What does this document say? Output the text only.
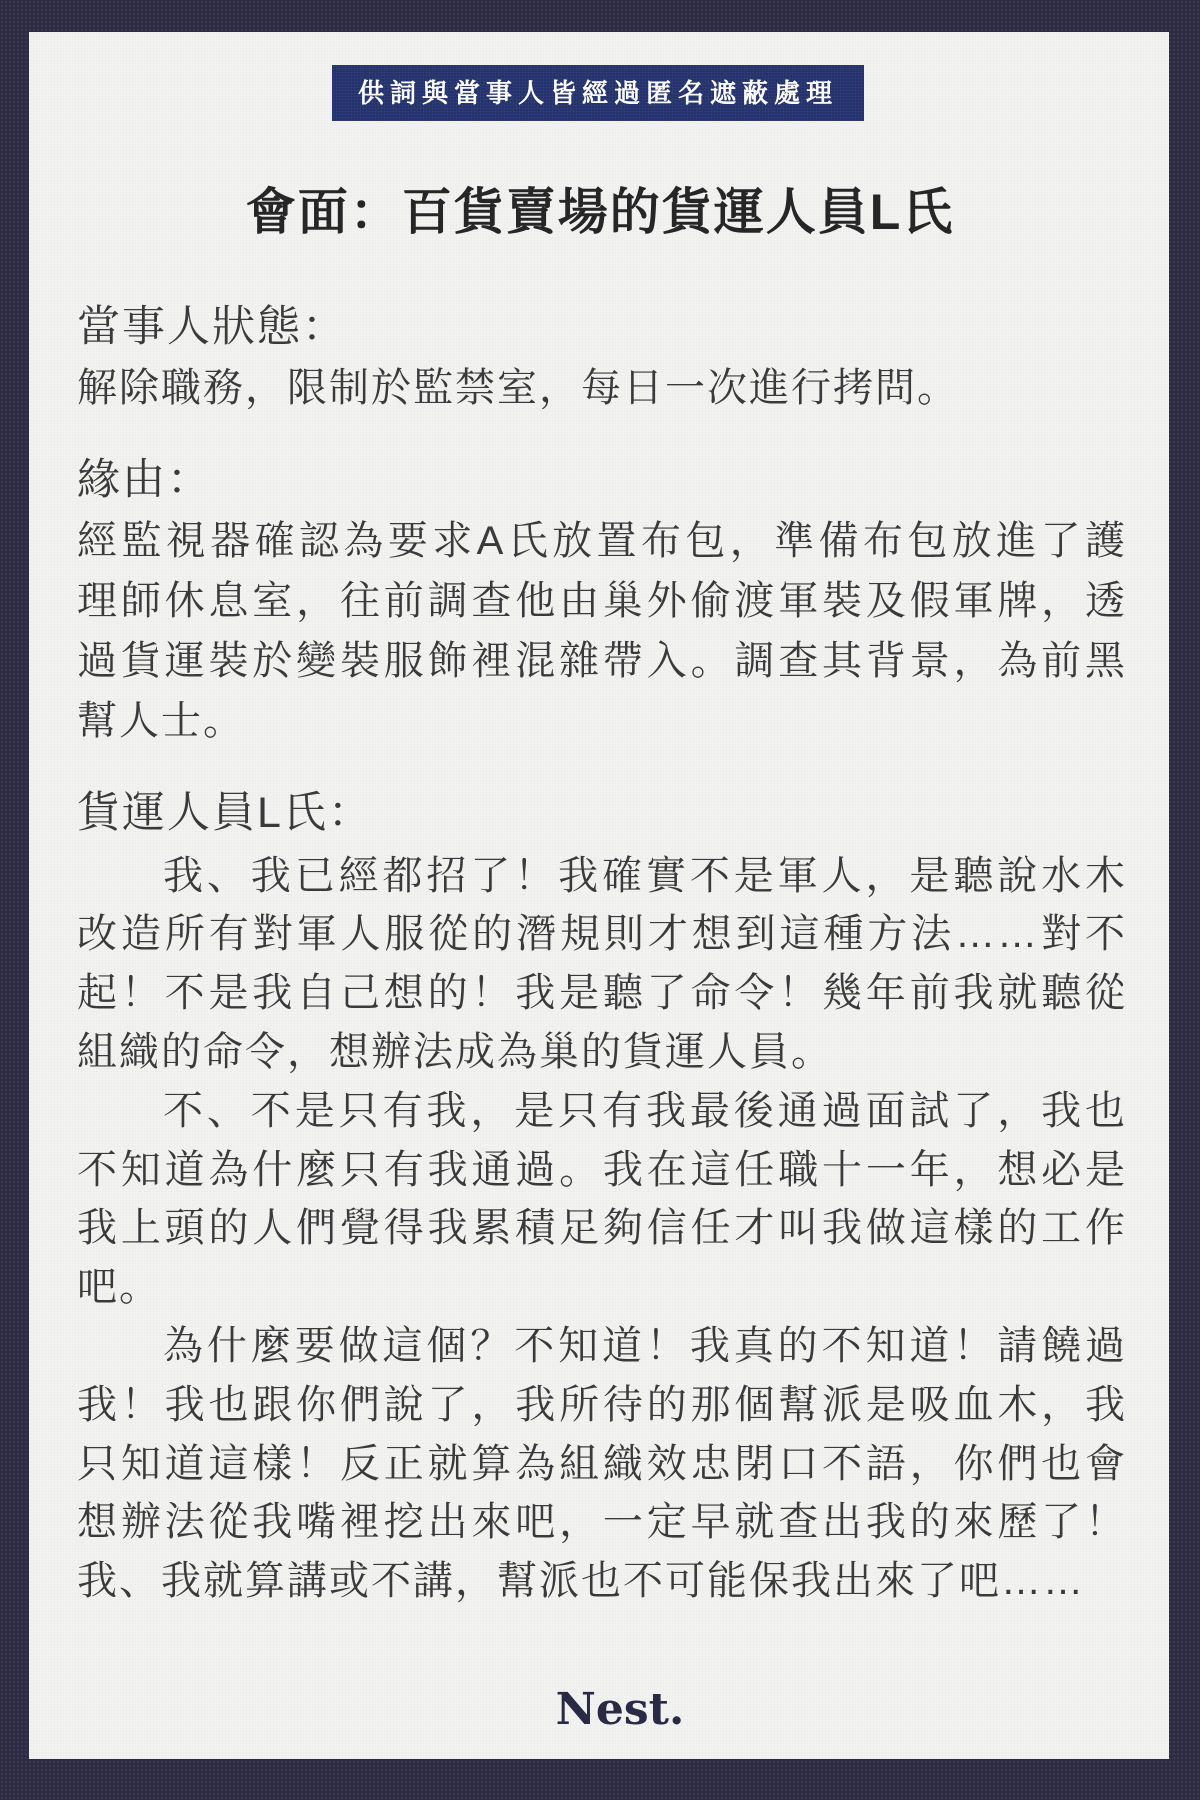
供詞與當事人皆經過匿名遮蔽處理
會面：百貨賣場的貨運人員L氏
當事人狀態：
解除職務，限制於監禁室，每日一次進行拷問。
緣由：
經監視器確認為要求A氏放置布包，準備布包放進了護
理師休息室，往前調查他由巢外偷渡軍裝及假軍牌，透
過貨運裝於變裝服飾裡混雜帶入。調查其背景，為前黑
幫人士。
貨運人員L氏：
我、我已經都招了！我確實不是軍人，是聽說水木
改造所有對軍人服從的潛規則才想到這種方法……對不
起！不是我自己想的！我是聽了命令！幾年前我就聽從
組織的命令，想辦法成為巢的貨運人員。
不、不是只有我，是只有我最後通過面試了，我也
不知道為什麼只有我通過。我在這任職十一年，想必是
我上頭的人們覺得我累積足夠信任才叫我做這樣的工作
吧。
為什麼要做這個？不知道！我真的不知道！請饒過
我！我也跟你們說了，我所待的那個幫派是吸血木，我
只知道這樣！反正就算為組織效忠閉口不語，你們也會
想辦法從我嘴裡挖出來吧，一定早就查出我的來歷了！
我、我就算講或不講，幫派也不可能保我出來了吧……
Nest.
